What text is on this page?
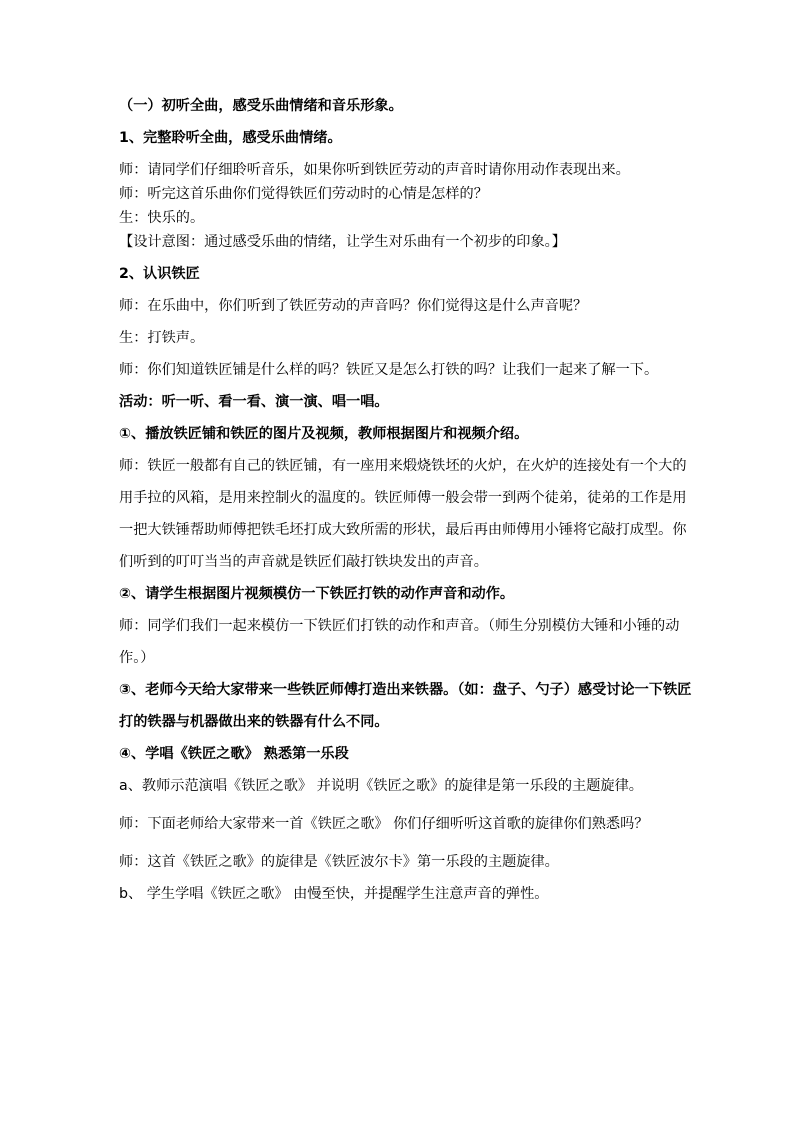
（一）初听全曲，感受乐曲情绪和音乐形象。

1、完整聆听全曲，感受乐曲情绪。

师：请同学们仔细聆听音乐，如果你听到铁匠劳动的声音时请你用动作表现出来。

师：听完这首乐曲你们觉得铁匠们劳动时的心情是怎样的？

生：快乐的。

【设计意图：通过感受乐曲的情绪，让学生对乐曲有一个初步的印象。】

2、认识铁匠

师：在乐曲中，你们听到了铁匠劳动的声音吗？你们觉得这是什么声音呢？

生：打铁声。

师：你们知道铁匠铺是什么样的吗？铁匠又是怎么打铁的吗？让我们一起来了解一下。

活动：听一听、看一看、演一演、唱一唱。

①、播放铁匠铺和铁匠的图片及视频，教师根据图片和视频介绍。

师：铁匠一般都有自己的铁匠铺，有一座用来煅烧铁坯的火炉，在火炉的连接处有一个大的用手拉的风箱，是用来控制火的温度的。铁匠师傅一般会带一到两个徒弟，徒弟的工作是用一把大铁锤帮助师傅把铁毛坯打成大致所需的形状，最后再由师傅用小锤将它敲打成型。你们听到的叮叮当当的声音就是铁匠们敲打铁块发出的声音。

②、请学生根据图片视频模仿一下铁匠打铁的动作声音和动作。

师：同学们我们一起来模仿一下铁匠们打铁的动作和声音。（师生分别模仿大锤和小锤的动作。）

③、老师今天给大家带来一些铁匠师傅打造出来铁器。（如：盘子、勺子）感受讨论一下铁匠打的铁器与机器做出来的铁器有什么不同。

④、学唱《铁匠之歌》 熟悉第一乐段

a、教师示范演唱《铁匠之歌》 并说明《铁匠之歌》的旋律是第一乐段的主题旋律。

师：下面老师给大家带来一首《铁匠之歌》 你们仔细听听这首歌的旋律你们熟悉吗？

师：这首《铁匠之歌》的旋律是《铁匠波尔卡》第一乐段的主题旋律。

b、 学生学唱《铁匠之歌》 由慢至快，并提醒学生注意声音的弹性。
